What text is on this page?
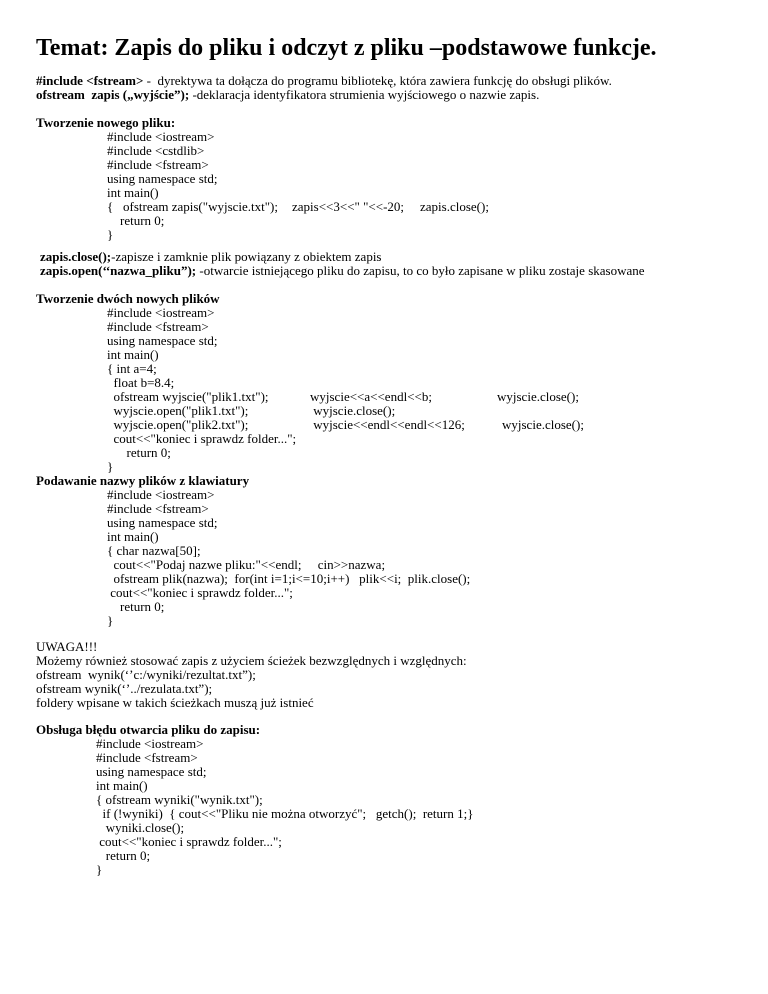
Temat: Zapis do pliku i odczyt z pliku –podstawowe funkcje.
#include <fstream> -  dyrektywa ta dołącza do programu bibliotekę, która zawiera funkcję do obsługi plików.
ofstream  zapis („wyjście”); -deklaracja identyfikatora strumienia wyjściowego o nazwie zapis.
Tworzenie nowego pliku:
#include <iostream>
#include <cstdlib>
#include <fstream>
using namespace std;
int main()
{   ofstream zapis("wyjscie.txt");
return 0;
}
zapis<<3<<" "<<-20; zapis.close();
zapis.close();-zapisze i zamknie plik powiązany z obiektem zapis
zapis.open(‘‘nazwa_pliku”); -otwarcie istniejącego pliku do zapisu, to co było zapisane w pliku zostaje skasowane
Tworzenie dwóch nowych plików
#include <iostream>
#include <fstream>
using namespace std;
int main()
{ int a=4;
float b=8.4;
ofstream wyjscie("plik1.txt");
wyjscie.open("plik1.txt");
wyjscie.open("plik2.txt");
cout<<"koniec i sprawdz folder...";
return 0;
}
wyjscie<<a<<endl<<b;
wyjscie.close();
wyjscie<<endl<<endl<<126;
wyjscie.close();
wyjscie.close();
Podawanie nazwy plików z klawiatury
#include <iostream>
#include <fstream>
using namespace std;
int main()
{ char nazwa[50];
cout<<"Podaj nazwe pliku:"<<endl;     cin>>nazwa;
ofstream plik(nazwa);  for(int i=1;i<=10;i++)   plik<<i;  plik.close();
cout<<"koniec i sprawdz folder...";
return 0;
}
UWAGA!!!
Możemy również stosować zapis z użyciem ścieżek bezwzględnych i względnych:
ofstream  wynik(‘’c:/wyniki/rezultat.txt”);
ofstream wynik(‘’../rezulata.txt”);
foldery wpisane w takich ścieżkach muszą już istnieć
Obsługa błędu otwarcia pliku do zapisu:
#include <iostream>
#include <fstream>
using namespace std;
int main()
{ ofstream wyniki("wynik.txt");
if (!wyniki)  { cout<<"Pliku nie można otworzyć";   getch();  return 1;}
wyniki.close();
cout<<"koniec i sprawdz folder...";
return 0;
}
